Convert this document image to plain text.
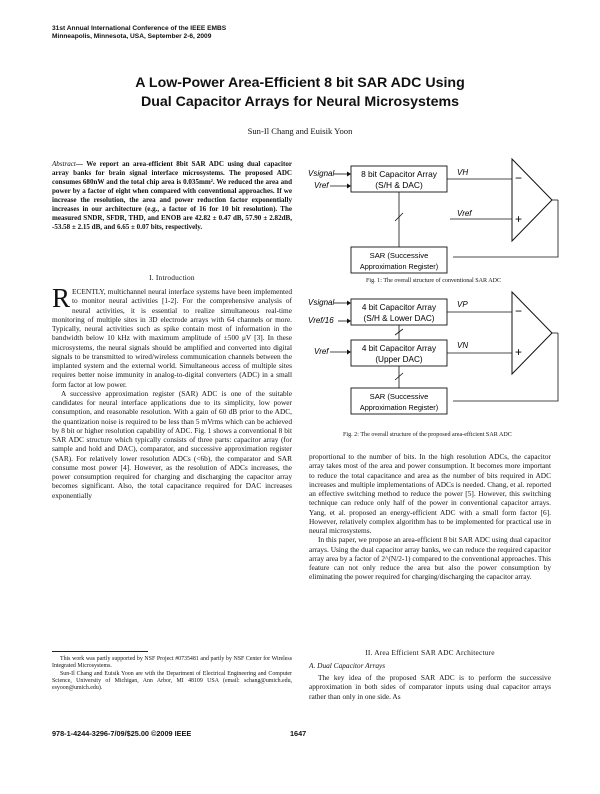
31st Annual International Conference of the IEEE EMBS
Minneapolis, Minnesota, USA, September 2-6, 2009
A Low-Power Area-Efficient 8 bit SAR ADC Using
Dual Capacitor Arrays for Neural Microsystems
Sun-Il Chang and Euisik Yoon
Abstract— We report an area-efficient 8bit SAR ADC using dual capacitor array banks for brain signal interface microsystems. The proposed ADC consumes 680nW and the total chip area is 0.035mm². We reduced the area and power by a factor of eight when compared with conventional approaches. If we increase the resolution, the area and power reduction factor exponentially increases in our architecture (e.g., a factor of 16 for 10 bit resolution). The measured SNDR, SFDR, THD, and ENOB are 42.82 ± 0.47 dB, 57.90 ± 2.82dB, -53.58 ± 2.15 dB, and 6.65 ± 0.07 bits, respectively.
I. Introduction

RECENTLY, multichannel neural interface systems have been implemented to monitor neural activities [1-2]. For the comprehensive analysis of neural activities, it is essential to realize simultaneous real-time monitoring of multiple sites in 3D electrode arrays with 64 channels or more. Typically, neural activities such as spike contain most of information in the bandwidth below 10 kHz with maximum amplitude of ±500 μV [3]. In these microsystems, the neural signals should be amplified and converted into digital signals to be transmitted to wired/wireless communication channels between the implanted system and the external world. Simultaneous access of multiple sites requires better noise immunity in analog-to-digital converters (ADC) in a small form factor at low power.

A successive approximation register (SAR) ADC is one of the suitable candidates for neural interface applications due to its simplicity, low power consumption, and reasonable resolution. With a gain of 60 dB prior to the ADC, the quantization noise is required to be less than 5 mVrms which can be achieved by 8 bit or higher resolution capability of ADC. Fig. 1 shows a conventional 8 bit SAR ADC structure which typically consists of three parts: capacitor array (for sample and hold and DAC), comparator, and successive approximation register (SAR). For relatively lower resolution ADCs (<6b), the comparator and SAR consume most power [4]. However, as the resolution of ADCs increases, the power consumption required for charging and discharging the capacitor array becomes significant. Also, the total capacitance required for DAC increases exponentially

Vsignal
Vref
8 bit Capacitor Array
(S/H & DAC)
VH
Vref
−
+
SAR (Successive
Approximation Register)
Fig. 1: The overall structure of conventional SAR ADC
Vsignal
Vref/16
Vref
4 bit Capacitor Array
(S/H & Lower DAC)
4 bit Capacitor Array
(Upper DAC)
VP
VN
−
+
SAR (Successive
Approximation Register)
Fig. 2: The overall structure of the proposed area-efficient SAR ADC

proportional to the number of bits. In the high resolution ADCs, the capacitor array takes most of the area and power consumption. It becomes more important to reduce the total capacitance and area as the number of bits required in ADC increases and multiple implementations of ADCs is needed. Chang, et al. reported an effective switching method to reduce the power [5]. However, this switching technique can reduce only half of the power in conventional capacitor arrays. Yang, et al. proposed an energy-efficient ADC with a small form factor [6]. However, relatively complex algorithm has to be implemented for practical use in neural microsystems.

In this paper, we propose an area-efficient 8 bit SAR ADC using dual capacitor arrays. Using the dual capacitor array banks, we can reduce the required capacitor array area by a factor of 2^(N/2-1) compared to the conventional approaches. This feature can not only reduce the area but also the power consumption by eliminating the power required for charging/discharging the capacitor array.

II. Area Efficient SAR ADC Architecture
A. Dual Capacitor Arrays

The key idea of the proposed SAR ADC is to perform the successive approximation in both sides of comparator inputs using dual capacitor arrays rather than only in one side. As

This work was partly supported by NSF Project #0735481 and partly by NSF Center for Wireless Integrated Microsystems.

Sun-Il Chang and Euisik Yoon are with the Department of Electrical Engineering and Computer Science, University of Michigan, Ann Arbor, MI 48109 USA (email: schang@umich.edu, esyoon@umich.edu).

978-1-4244-3296-7/09/$25.00 ©2009 IEEE	1647
